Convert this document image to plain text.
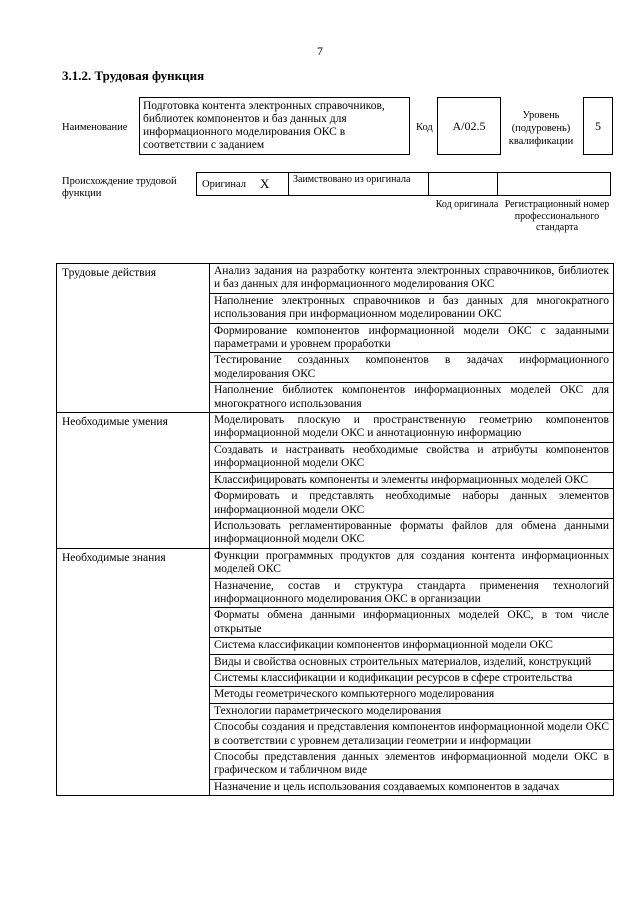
7
3.1.2. Трудовая функция
Наименование
Подготовка контента электронных справочников, библиотек компонентов и баз данных для информационного моделирования ОКС в соответствии с заданием
Код	А/02.5
Уровень (подуровень) квалификации
5
Происхождение трудовой функции
Оригинал X	Заимствовано из оригинала
Код оригинала Регистрационный номер профессионального стандарта
Трудовые действия	Анализ задания на разработку контента электронных справочников, библиотек и баз данных для информационного моделирования ОКС
	Наполнение электронных справочников и баз данных для многократного использования при информационном моделировании ОКС
	Формирование компонентов информационной модели ОКС с заданными параметрами и уровнем проработки
	Тестирование созданных компонентов в задачах информационного моделирования ОКС
	Наполнение библиотек компонентов информационных моделей ОКС для многократного использования
Необходимые умения	Моделировать плоскую и пространственную геометрию компонентов информационной модели ОКС и аннотационную информацию
	Создавать и настраивать необходимые свойства и атрибуты компонентов информационной модели ОКС
	Классифицировать компоненты и элементы информационных моделей ОКС
	Формировать и представлять необходимые наборы данных элементов информационной модели ОКС
	Использовать регламентированные форматы файлов для обмена данными информационной модели ОКС
Необходимые знания	Функции программных продуктов для создания контента информационных моделей ОКС
	Назначение, состав и структура стандарта применения технологий информационного моделирования ОКС в организации
	Форматы обмена данными информационных моделей ОКС, в том числе открытые
	Система классификации компонентов информационной модели ОКС
	Виды и свойства основных строительных материалов, изделий, конструкций
	Системы классификации и кодификации ресурсов в сфере строительства
	Методы геометрического компьютерного моделирования
	Технологии параметрического моделирования
	Способы создания и представления компонентов информационной модели ОКС в соответствии с уровнем детализации геометрии и информации
	Способы представления данных элементов информационной модели ОКС в графическом и табличном виде
	Назначение и цель использования создаваемых компонентов в задачах
